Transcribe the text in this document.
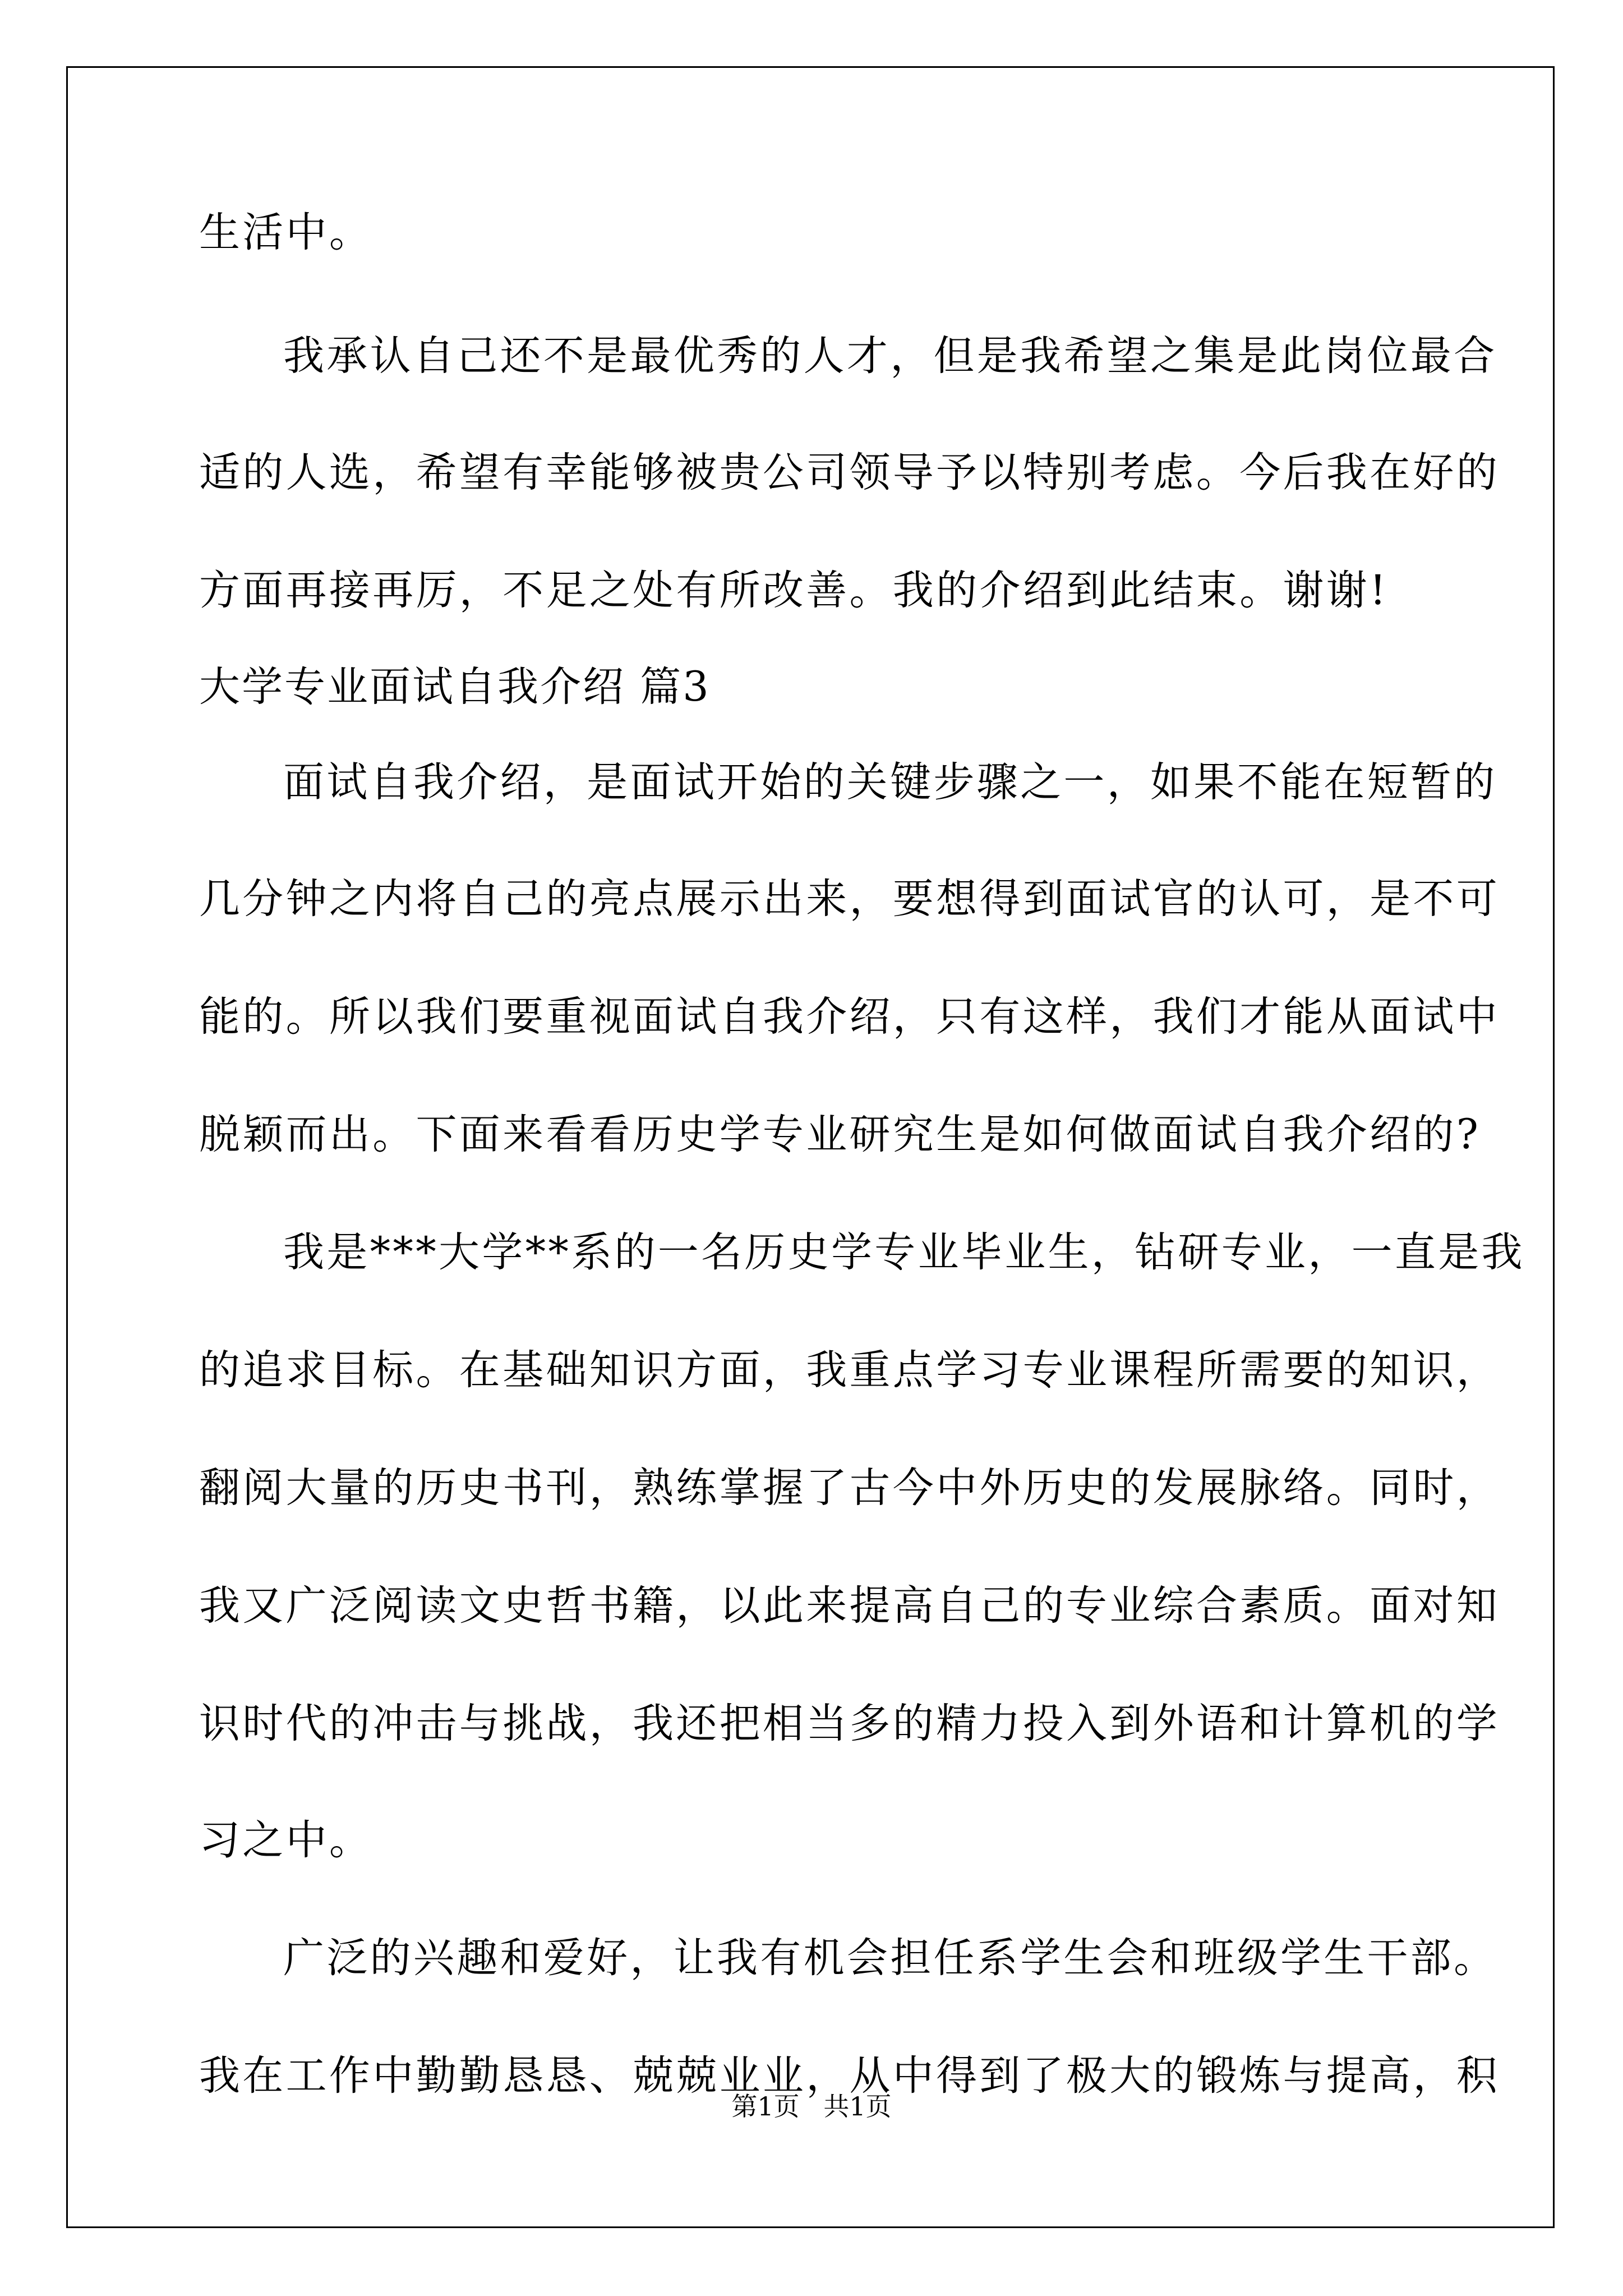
生活中。
我承认自己还不是最优秀的人才，但是我希望之集是此岗位最合
适的人选，希望有幸能够被贵公司领导予以特别考虑。今后我在好的
方面再接再厉，不足之处有所改善。我的介绍到此结束。谢谢!
大学专业面试自我介绍 篇3
面试自我介绍，是面试开始的关键步骤之一，如果不能在短暂的
几分钟之内将自己的亮点展示出来，要想得到面试官的认可，是不可
能的。所以我们要重视面试自我介绍，只有这样，我们才能从面试中
脱颖而出。下面来看看历史学专业研究生是如何做面试自我介绍的?
我是***大学**系的一名历史学专业毕业生，钻研专业，一直是我
的追求目标。在基础知识方面，我重点学习专业课程所需要的知识，
翻阅大量的历史书刊，熟练掌握了古今中外历史的发展脉络。同时，
我又广泛阅读文史哲书籍，以此来提高自己的专业综合素质。面对知
识时代的冲击与挑战，我还把相当多的精力投入到外语和计算机的学
习之中。
广泛的兴趣和爱好，让我有机会担任系学生会和班级学生干部。
我在工作中勤勤恳恳、兢兢业业，从中得到了极大的锻炼与提高，积
第1页 共1页
